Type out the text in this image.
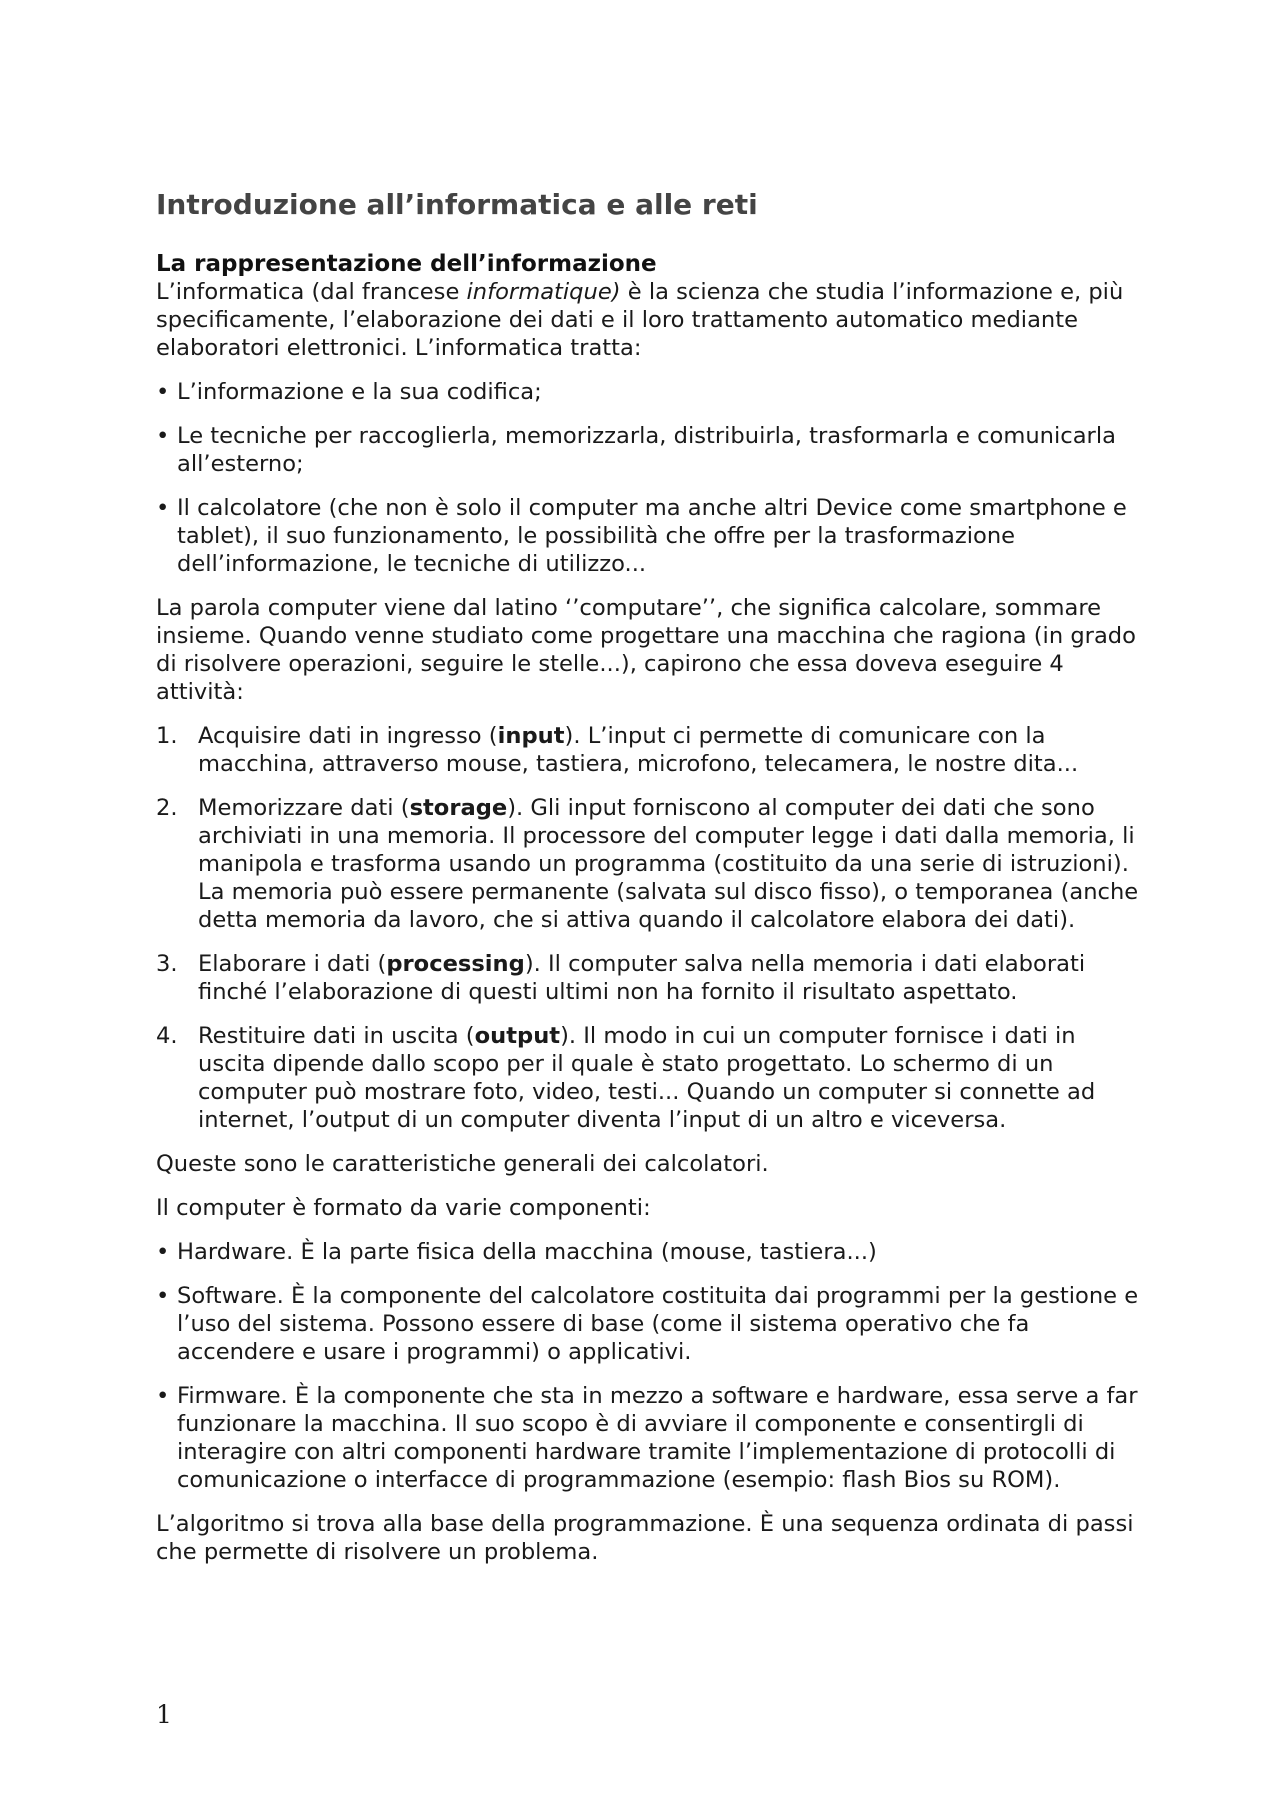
Introduzione all’informatica e alle reti
La rappresentazione dell’informazione

L’informatica (dal francese informatique) è la scienza che studia l’informazione e, più specificamente, l’elaborazione dei dati e il loro trattamento automatico mediante elaboratori elettronici. L’informatica tratta:

• L’informazione e la sua codifica;
• Le tecniche per raccoglierla, memorizzarla, distribuirla, trasformarla e comunicarla all’esterno;
• Il calcolatore (che non è solo il computer ma anche altri Device come smartphone e tablet), il suo funzionamento, le possibilità che offre per la trasformazione dell’informazione, le tecniche di utilizzo...

La parola computer viene dal latino ‘’computare’’, che significa calcolare, sommare insieme. Quando venne studiato come progettare una macchina che ragiona (in grado di risolvere operazioni, seguire le stelle...), capirono che essa doveva eseguire 4 attività:

1. Acquisire dati in ingresso (input). L’input ci permette di comunicare con la macchina, attraverso mouse, tastiera, microfono, telecamera, le nostre dita...
2. Memorizzare dati (storage). Gli input forniscono al computer dei dati che sono archiviati in una memoria. Il processore del computer legge i dati dalla memoria, li manipola e trasforma usando un programma (costituito da una serie di istruzioni). La memoria può essere permanente (salvata sul disco fisso), o temporanea (anche detta memoria da lavoro, che si attiva quando il calcolatore elabora dei dati).
3. Elaborare i dati (processing). Il computer salva nella memoria i dati elaborati finché l’elaborazione di questi ultimi non ha fornito il risultato aspettato.
4. Restituire dati in uscita (output). Il modo in cui un computer fornisce i dati in uscita dipende dallo scopo per il quale è stato progettato. Lo schermo di un computer può mostrare foto, video, testi... Quando un computer si connette ad internet, l’output di un computer diventa l’input di un altro e viceversa.

Queste sono le caratteristiche generali dei calcolatori.

Il computer è formato da varie componenti:

• Hardware. È la parte fisica della macchina (mouse, tastiera...)
• Software. È la componente del calcolatore costituita dai programmi per la gestione e l’uso del sistema. Possono essere di base (come il sistema operativo che fa accendere e usare i programmi) o applicativi.
• Firmware. È la componente che sta in mezzo a software e hardware, essa serve a far funzionare la macchina. Il suo scopo è di avviare il componente e consentirgli di interagire con altri componenti hardware tramite l’implementazione di protocolli di comunicazione o interfacce di programmazione (esempio: flash Bios su ROM).

L’algoritmo si trova alla base della programmazione. È una sequenza ordinata di passi che permette di risolvere un problema.

1
